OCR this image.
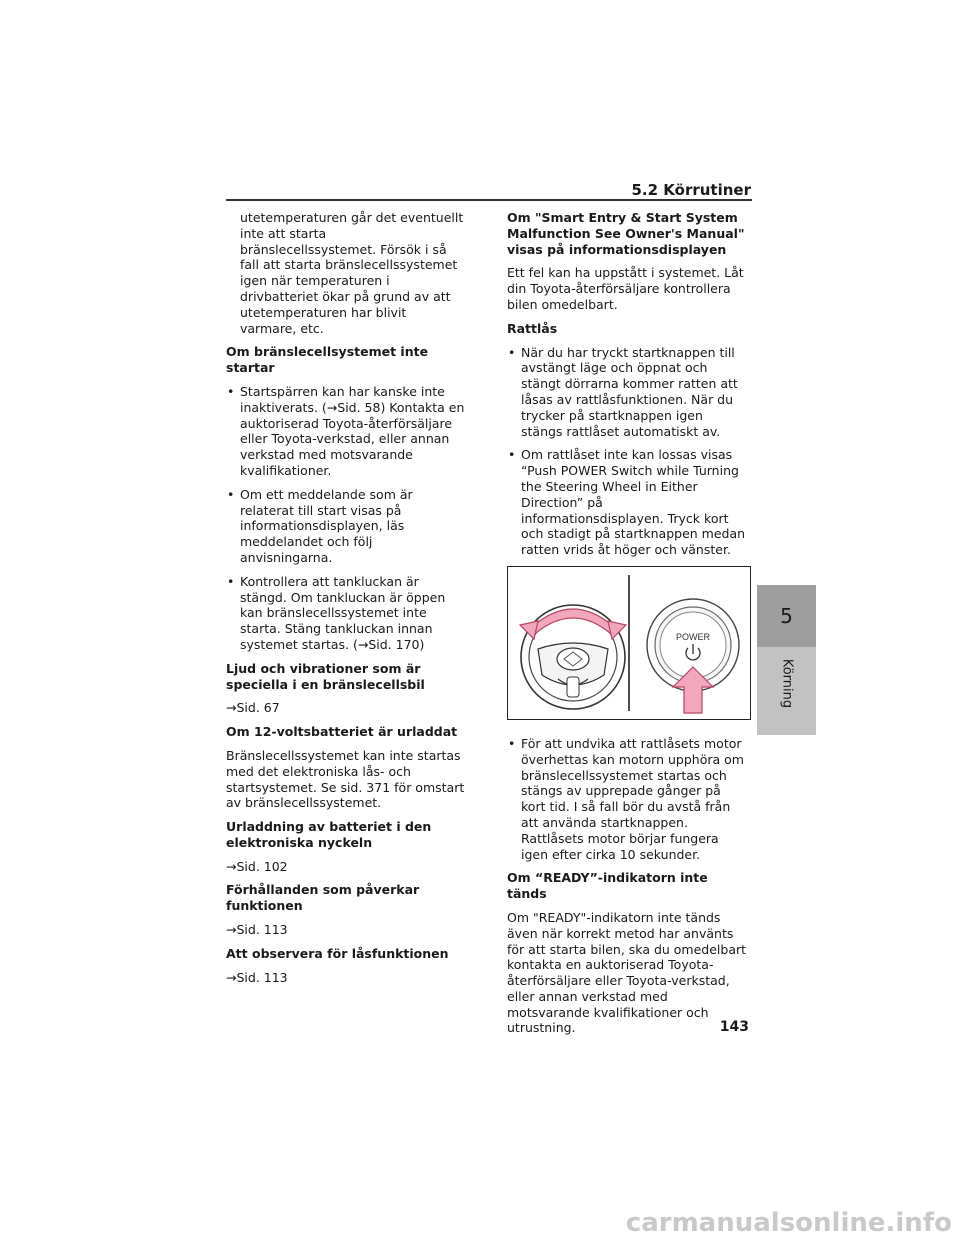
5.2 Körrutiner

utetemperaturen går det eventuellt inte att starta bränslecellssystemet. Försök i så fall att starta bränslecellssystemet igen när temperaturen i drivbatteriet ökar på grund av att utetemperaturen har blivit varmare, etc.

Om bränslecellsystemet inte startar

• Startspärren kan har kanske inte inaktiverats. (→Sid. 58) Kontakta en auktoriserad Toyota-återförsäljare eller Toyota-verkstad, eller annan verkstad med motsvarande kvalifikationer.
• Om ett meddelande som är relaterat till start visas på informationsdisplayen, läs meddelandet och följ anvisningarna.
• Kontrollera att tankluckan är stängd. Om tankluckan är öppen kan bränslecellssystemet inte starta. Stäng tankluckan innan systemet startas. (→Sid. 170)

Ljud och vibrationer som är speciella i en bränslecellsbil

→Sid. 67

Om 12-voltsbatteriet är urladdat

Bränslecellssystemet kan inte startas med det elektroniska lås- och startsystemet. Se sid. 371 för omstart av bränslecellssystemet.

Urladdning av batteriet i den elektroniska nyckeln

→Sid. 102

Förhållanden som påverkar funktionen

→Sid. 113

Att observera för låsfunktionen

→Sid. 113

Om "Smart Entry & Start System Malfunction See Owner's Manual" visas på informationsdisplayen

Ett fel kan ha uppstått i systemet. Låt din Toyota-återförsäljare kontrollera bilen omedelbart.

Rattlås

• När du har tryckt startknappen till avstängt läge och öppnat och stängt dörrarna kommer ratten att låsas av rattlåsfunktionen. När du trycker på startknappen igen stängs rattlåset automatiskt av.
• Om rattlåset inte kan lossas visas “Push POWER Switch while Turning the Steering Wheel in Either Direction” på informationsdisplayen. Tryck kort och stadigt på startknappen medan ratten vrids åt höger och vänster.
POWER
• För att undvika att rattlåsets motor överhettas kan motorn upphöra om bränslecellssystemet startas och stängs av upprepade gånger på kort tid. I så fall bör du avstå från att använda startknappen. Rattlåsets motor börjar fungera igen efter cirka 10 sekunder.

Om “READY”-indikatorn inte tänds

Om "READY"-indikatorn inte tänds även när korrekt metod har använts för att starta bilen, ska du omedelbart kontakta en auktoriserad Toyota-återförsäljare eller Toyota-verkstad, eller annan verkstad med motsvarande kvalifikationer och utrustning.

5
Körning
143
carmanualsonline.info
